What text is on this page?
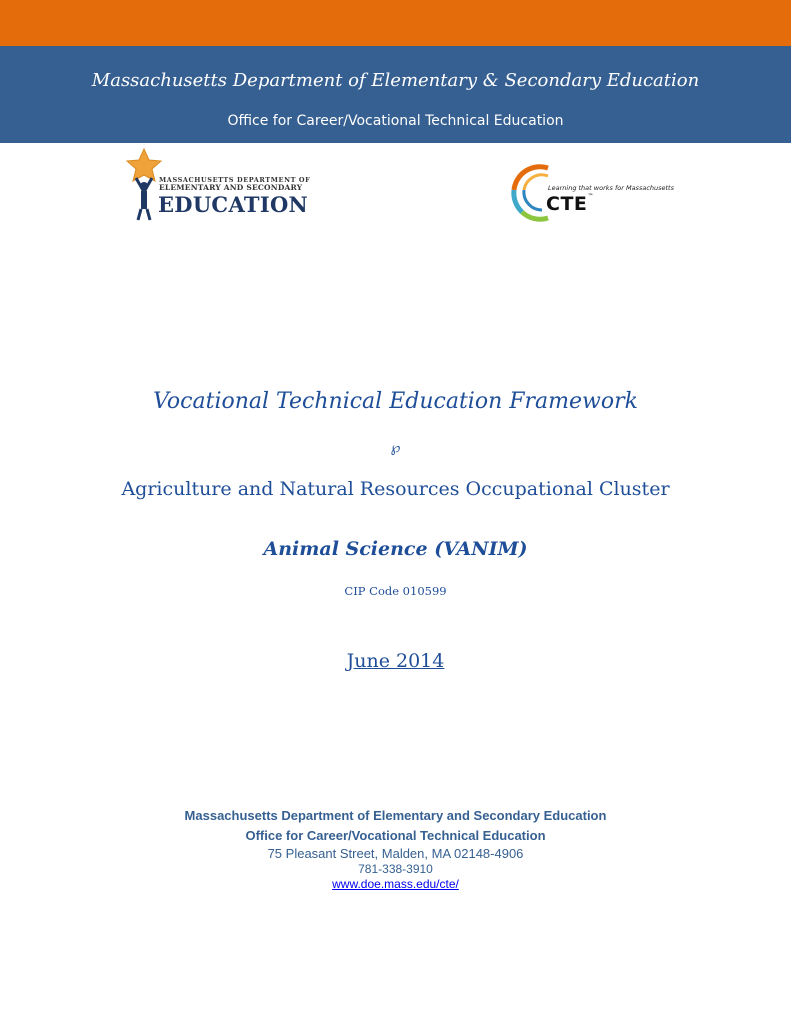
Massachusetts Department of Elementary & Secondary Education
Office for Career/Vocational Technical Education
MASSACHUSETTS DEPARTMENT OF
ELEMENTARY AND SECONDARY
EDUCATION
Learning that works for Massachusetts
CTE™
Vocational Technical Education Framework
℘
Agriculture and Natural Resources Occupational Cluster
Animal Science (VANIM)
CIP Code 010599
June 2014
Massachusetts Department of Elementary and Secondary Education
Office for Career/Vocational Technical Education
75 Pleasant Street, Malden, MA 02148-4906
781-338-3910
www.doe.mass.edu/cte/
